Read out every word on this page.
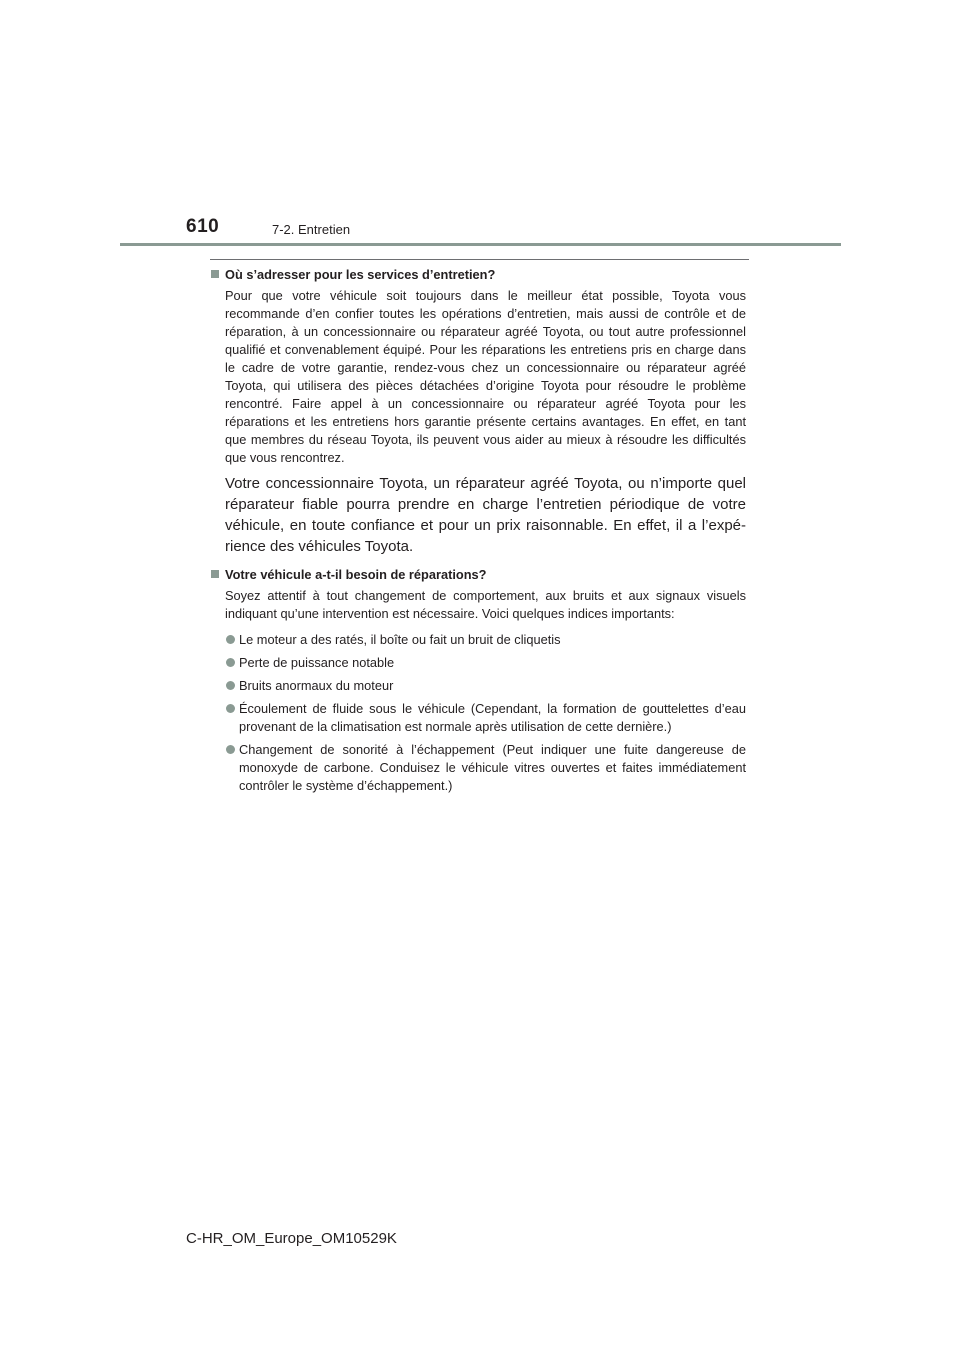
610	7-2. Entretien
Où s’adresser pour les services d’entretien?

Pour que votre véhicule soit toujours dans le meilleur état possible, Toyota vous recommande d’en confier toutes les opérations d’entretien, mais aussi de contrôle et de réparation, à un concessionnaire ou réparateur agréé Toyota, ou tout autre professionnel qualifié et convenablement équipé. Pour les réparations les entretiens pris en charge dans le cadre de votre garantie, rendez-vous chez un concessionnaire ou réparateur agréé Toyota, qui utilisera des pièces détachées d’origine Toyota pour résoudre le problème rencontré. Faire appel à un concessionnaire ou réparateur agréé Toyota pour les réparations et les entretiens hors garantie présente certains avantages. En effet, en tant que membres du réseau Toyota, ils peuvent vous aider au mieux à résoudre les difficultés que vous rencontrez.

Votre concessionnaire Toyota, un réparateur agréé Toyota, ou n’importe quel réparateur fiable pourra prendre en charge l’entretien périodique de votre véhicule, en toute confiance et pour un prix raisonnable. En effet, il a l’expé-rience des véhicules Toyota.

Votre véhicule a-t-il besoin de réparations?

Soyez attentif à tout changement de comportement, aux bruits et aux signaux visuels indiquant qu’une intervention est nécessaire. Voici quelques indices importants:

Le moteur a des ratés, il boîte ou fait un bruit de cliquetis
Perte de puissance notable
Bruits anormaux du moteur
Écoulement de fluide sous le véhicule (Cependant, la formation de gouttelettes d’eau provenant de la climatisation est normale après utilisation de cette dernière.)
Changement de sonorité à l’échappement (Peut indiquer une fuite dangereuse de monoxyde de carbone. Conduisez le véhicule vitres ouvertes et faites immédiatement contrôler le système d’échappement.)
C-HR_OM_Europe_OM10529K
